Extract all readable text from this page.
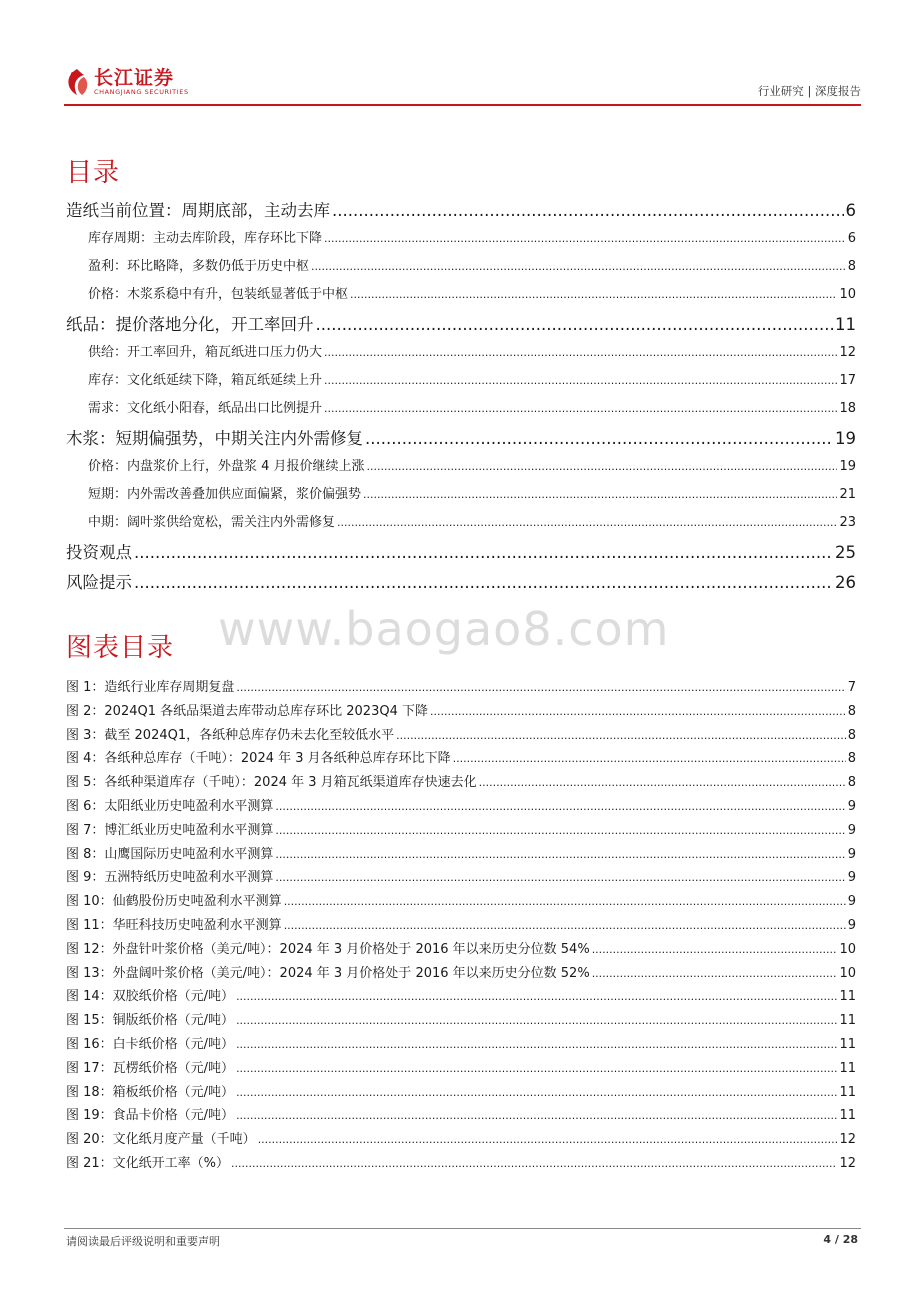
长江证券
CHANGJIANG SECURITIES	行业研究 | 深度报告
目录
造纸当前位置：周期底部，主动去库 .....	6
库存周期：主动去库阶段，库存环比下降 .....	6
盈利：环比略降，多数仍低于历史中枢 .....	8
价格：木浆系稳中有升，包装纸显著低于中枢 .....	10
纸品：提价落地分化，开工率回升 .....	11
供给：开工率回升，箱瓦纸进口压力仍大 .....	12
库存：文化纸延续下降，箱瓦纸延续上升 .....	17
需求：文化纸小阳春，纸品出口比例提升 .....	18
木浆：短期偏强势，中期关注内外需修复 .....	19
价格：内盘浆价上行，外盘浆 4 月报价继续上涨 .....	19
短期：内外需改善叠加供应面偏紧，浆价偏强势 .....	21
中期：阔叶浆供给宽松，需关注内外需修复 .....	23
投资观点 .....	25
风险提示 .....	26
图表目录 www.baogao8.com
图 1：造纸行业库存周期复盘 .....	7
图 2：2024Q1 各纸品渠道去库带动总库存环比 2023Q4 下降 .....	8
图 3：截至 2024Q1，各纸种总库存仍未去化至较低水平 .....	8
图 4：各纸种总库存（千吨）：2024 年 3 月各纸种总库存环比下降 .....	8
图 5：各纸种渠道库存（千吨）：2024 年 3 月箱瓦纸渠道库存快速去化 .....	8
图 6：太阳纸业历史吨盈利水平测算 .....	9
图 7：博汇纸业历史吨盈利水平测算 .....	9
图 8：山鹰国际历史吨盈利水平测算 .....	9
图 9：五洲特纸历史吨盈利水平测算 .....	9
图 10：仙鹤股份历史吨盈利水平测算 .....	9
图 11：华旺科技历史吨盈利水平测算 .....	9
图 12：外盘针叶浆价格（美元/吨）：2024 年 3 月价格处于 2016 年以来历史分位数 54% .....	10
图 13：外盘阔叶浆价格（美元/吨）：2024 年 3 月价格处于 2016 年以来历史分位数 52% .....	10
图 14：双胶纸价格（元/吨） .....	11
图 15：铜版纸价格（元/吨） .....	11
图 16：白卡纸价格（元/吨） .....	11
图 17：瓦楞纸价格（元/吨） .....	11
图 18：箱板纸价格（元/吨） .....	11
图 19：食品卡价格（元/吨） .....	11
图 20：文化纸月度产量（千吨） .....	12
图 21：文化纸开工率（%） .....	12
请阅读最后评级说明和重要声明	4 / 28
